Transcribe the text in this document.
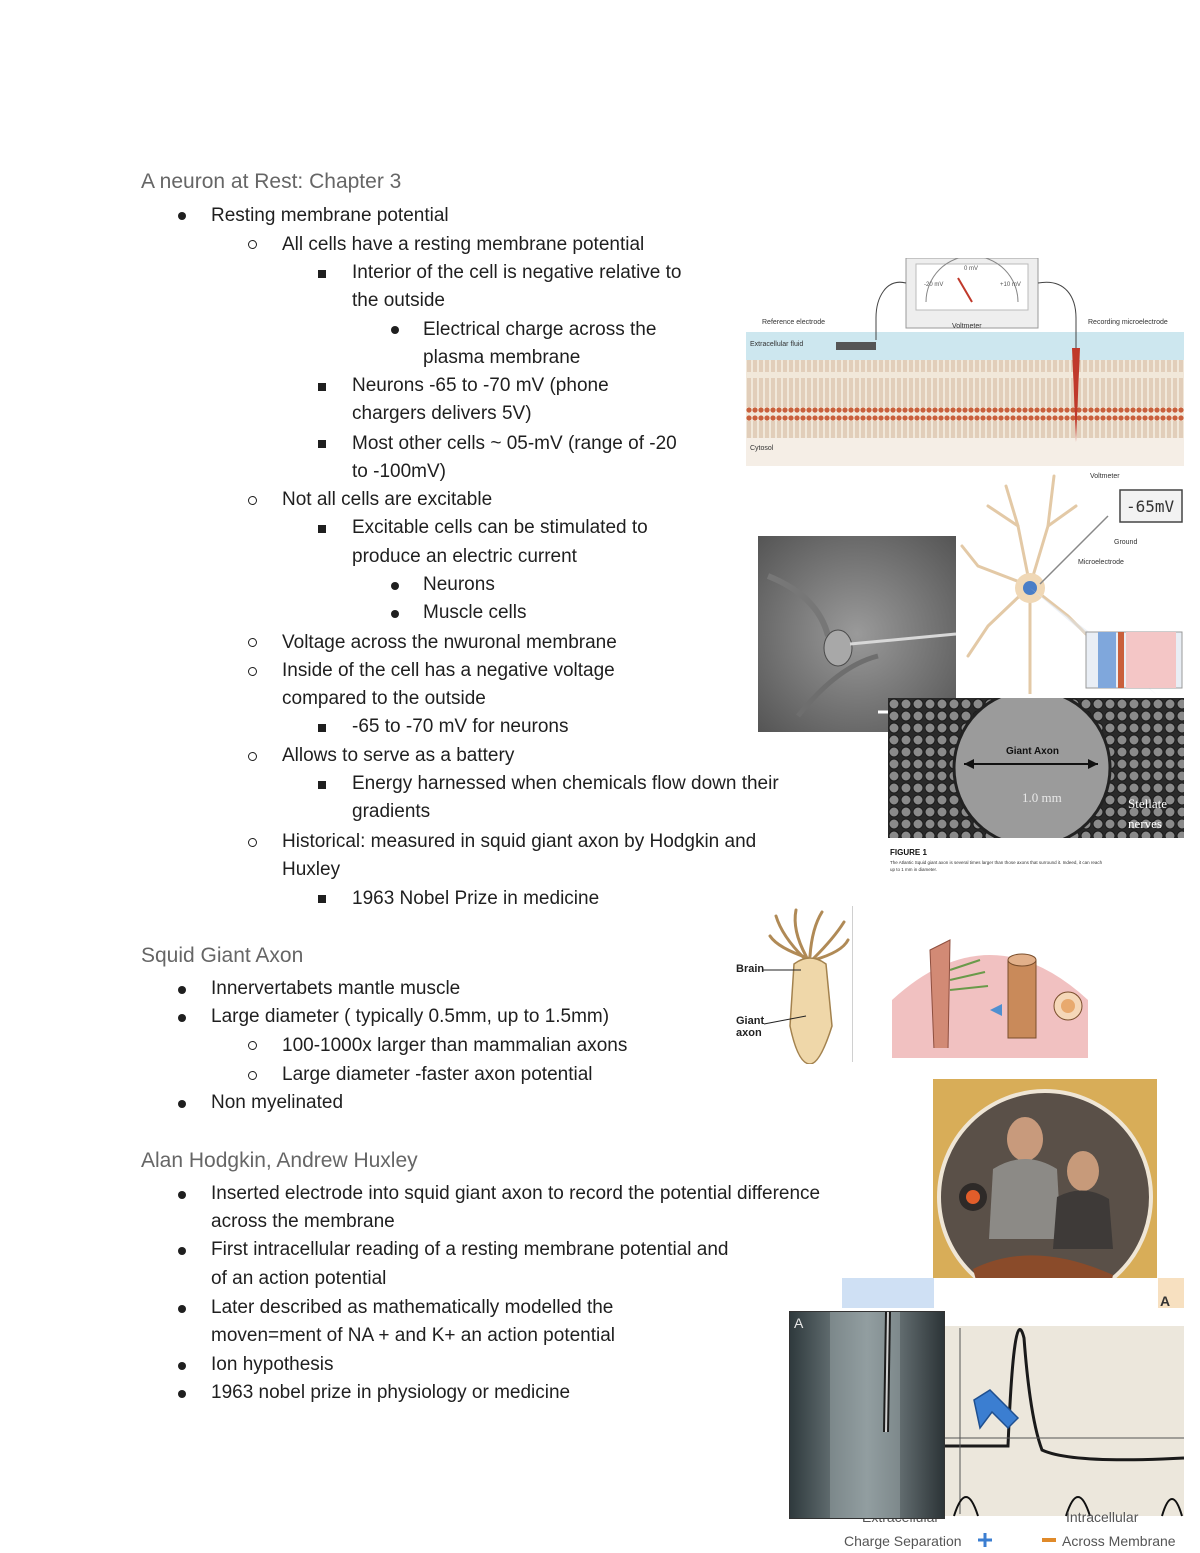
A neuron at Rest: Chapter 3
Resting membrane potential
All cells have a resting membrane potential
Interior of the cell is negative relative to
the outside
Electrical charge across the
plasma membrane
Neurons -65 to -70 mV (phone
chargers delivers 5V)
Most other cells ~ 05-mV (range of -20
to -100mV)
Not all cells are excitable
Excitable cells can be stimulated to
produce an electric current
Neurons
Muscle cells
Voltage across the nwuronal membrane
Inside of the cell has a negative voltage
compared to the outside
-65 to -70 mV for neurons
Allows to serve as a battery
Energy harnessed when chemicals flow down their
gradients
Historical: measured in squid giant axon by Hodgkin and
Huxley
1963 Nobel Prize in medicine
Squid Giant Axon
Innervertabets mantle muscle
Large diameter ( typically 0.5mm, up to 1.5mm)
100-1000x larger than mammalian axons
Large diameter -faster axon potential
Non myelinated
Alan Hodgkin, Andrew Huxley
Inserted electrode into squid giant axon to record the potential difference
across the membrane
First intracellular reading of a resting membrane potential and
of an action potential
Later described as mathematically modelled the
moven=ment of NA + and K+ an action potential
Ion hypothesis
1963 nobel prize in physiology or medicine
-20 mV
0 mV
+10 mV
Voltmeter
Reference electrode	Recording microelectrode
Extracellular fluid
Cytosol
-65mV
Voltmeter
Ground
Microelectrode
Giant Axon
1.0 mm	Stellate
nerves
FIGURE 1
The Atlantic Squid giant axon is several times larger than those axons that surround it. Indeed, it can reach
up to 1 mm in diameter.
Brain
Giant
axon
A
Intracellular
Charge Separation	Across Membrane
A
